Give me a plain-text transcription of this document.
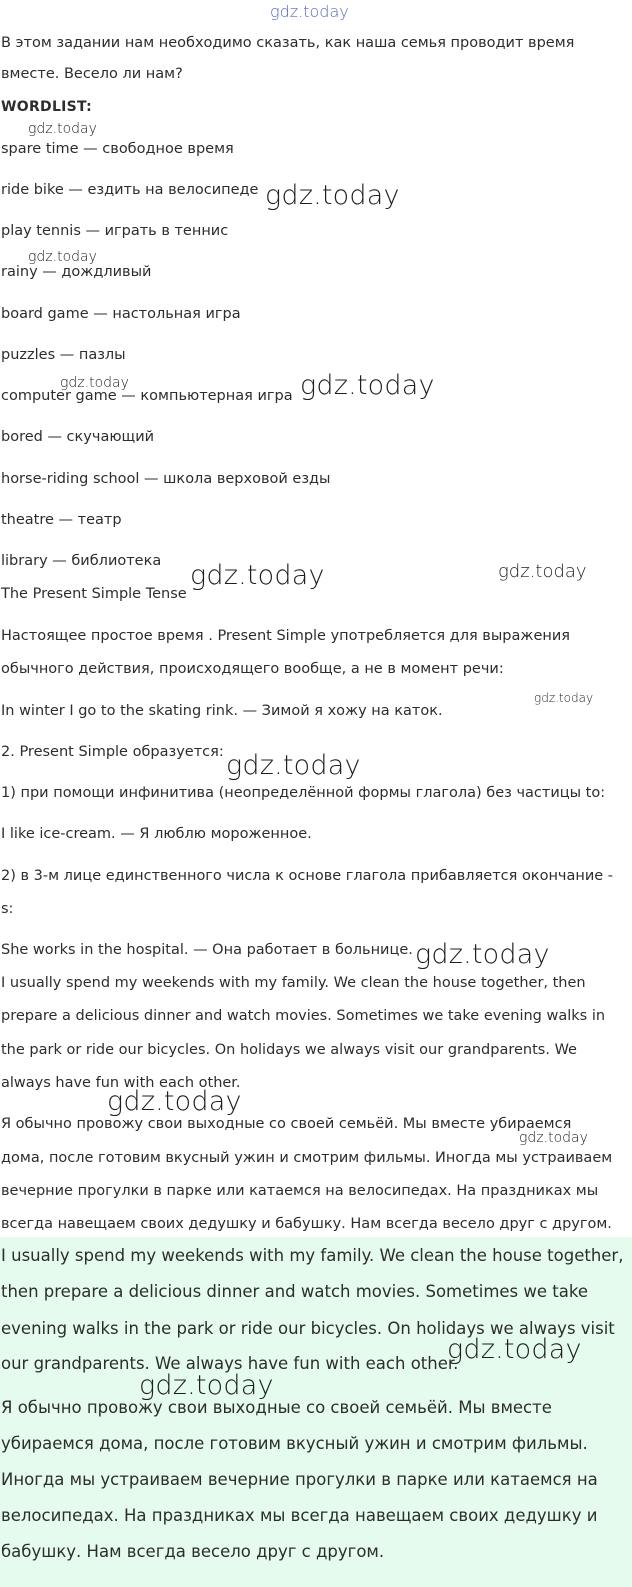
В этом задании нам необходимо сказать, как наша семья проводит время

вместе. Весело ли нам?

WORDLIST:

spare time — свободное время

ride bike — ездить на велосипеде

play tennis — играть в теннис

rainy — дождливый

board game — настольная игра

puzzles — пазлы

computer game — компьютерная игра

bored — скучающий

horse-riding school — школа верховой езды

theatre — театр

library — библиотека

The Present Simple Tense

Настоящее простое время . Present Simple употребляется для выражения

обычного действия, происходящего вообще, а не в момент речи:

In winter I go to the skating rink. — Зимой я хожу на каток.

2. Present Simple образуется:

1) при помощи инфинитива (неопределённой формы глагола) без частицы to:

I like ice-cream. — Я люблю мороженное.

2) в 3-м лице единственного числа к основе глагола прибавляется окончание -

s:

She works in the hospital. — Она работает в больнице.

I usually spend my weekends with my family. We clean the house together, then

prepare a delicious dinner and watch movies. Sometimes we take evening walks in

the park or ride our bicycles. On holidays we always visit our grandparents. We

always have fun with each other.

Я обычно провожу свои выходные со своей семьёй. Мы вместе убираемся

дома, после готовим вкусный ужин и смотрим фильмы. Иногда мы устраиваем

вечерние прогулки в парке или катаемся на велосипедах. На праздниках мы

всегда навещаем своих дедушку и бабушку. Нам всегда весело друг с другом.

I usually spend my weekends with my family. We clean the house together,

then prepare a delicious dinner and watch movies. Sometimes we take

evening walks in the park or ride our bicycles. On holidays we always visit

our grandparents. We always have fun with each other.

Я обычно провожу свои выходные со своей семьёй. Мы вместе

убираемся дома, после готовим вкусный ужин и смотрим фильмы.

Иногда мы устраиваем вечерние прогулки в парке или катаемся на

велосипедах. На праздниках мы всегда навещаем своих дедушку и

бабушку. Нам всегда весело друг с другом.

gdz.today
gdz.today
gdz.today
gdz.today
gdz.today	gdz.today
gdz.today	gdz.today
gdz.today
gdz.today
gdz.today
gdz.today
gdz.today
gdz.today
gdz.today
